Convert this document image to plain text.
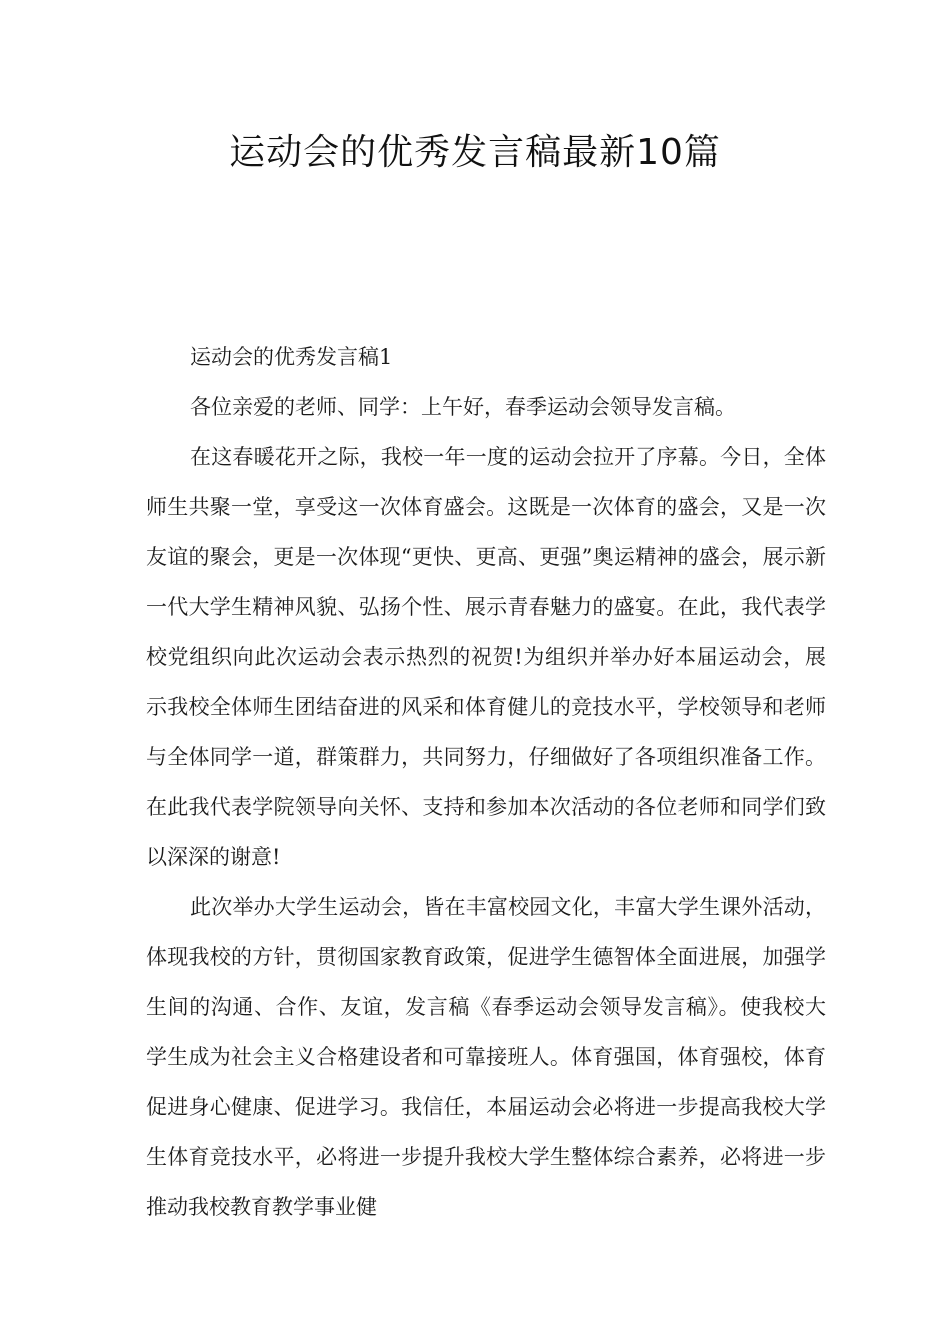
运动会的优秀发言稿最新10篇

运动会的优秀发言稿1

各位亲爱的老师、同学：上午好，春季运动会领导发言稿。

在这春暖花开之际，我校一年一度的运动会拉开了序幕。今日，全体师生共聚一堂，享受这一次体育盛会。这既是一次体育的盛会，又是一次友谊的聚会，更是一次体现“更快、更高、更强”奥运精神的盛会，展示新一代大学生精神风貌、弘扬个性、展示青春魅力的盛宴。在此，我代表学校党组织向此次运动会表示热烈的祝贺!为组织并举办好本届运动会，展示我校全体师生团结奋进的风采和体育健儿的竞技水平，学校领导和老师与全体同学一道，群策群力，共同努力，仔细做好了各项组织准备工作。在此我代表学院领导向关怀、支持和参加本次活动的各位老师和同学们致以深深的谢意!

此次举办大学生运动会，皆在丰富校园文化，丰富大学生课外活动，体现我校的方针，贯彻国家教育政策，促进学生德智体全面进展，加强学生间的沟通、合作、友谊，发言稿《春季运动会领导发言稿》。使我校大学生成为社会主义合格建设者和可靠接班人。体育强国，体育强校，体育促进身心健康、促进学习。我信任，本届运动会必将进一步提高我校大学生体育竞技水平，必将进一步提升我校大学生整体综合素养，必将进一步推动我校教育教学事业健
